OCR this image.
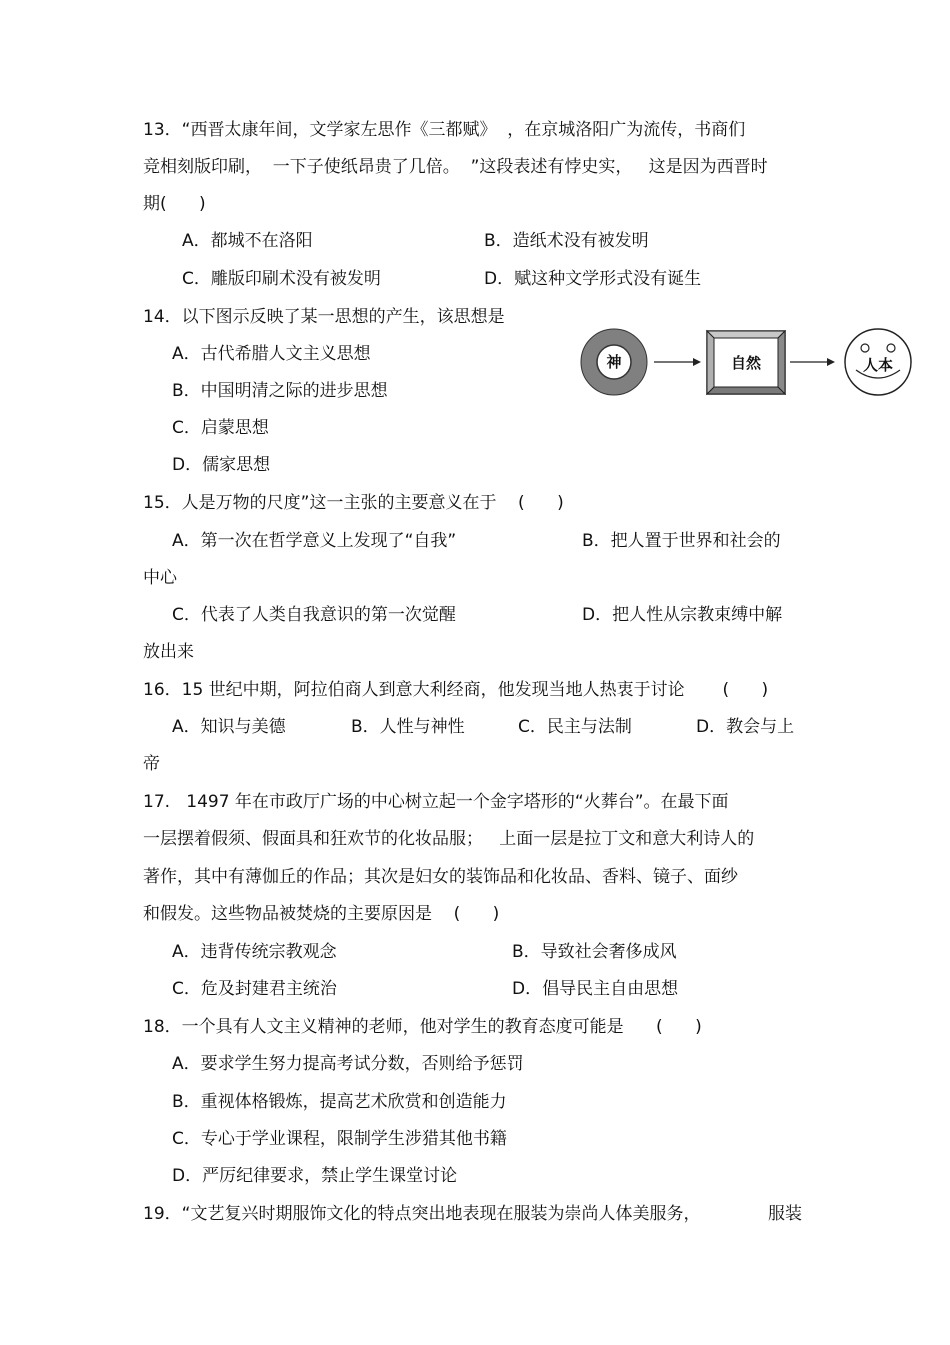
13．“西晋太康年间，文学家左思作《三都赋》  ，在京城洛阳广为流传，书商们
竞相刻版印刷，  一下子使纸昂贵了几倍。  ”这段表述有悖史实，   这是因为西晋时
期(      )
A．都城不在洛阳	B．造纸术没有被发明
C．雕版印刷术没有被发明	D．赋这种文学形式没有诞生
14．以下图示反映了某一思想的产生，该思想是
A．古代希腊人文主义思想
B．中国明清之际的进步思想
C．启蒙思想
D．儒家思想
神	自然	人本
15．人是万物的尺度”这一主张的主要意义在于    (      )
A．第一次在哲学意义上发现了“自我”	B．把人置于世界和社会的
中心
C．代表了人类自我意识的第一次觉醒	D．把人性从宗教束缚中解
放出来
16．15 世纪中期，阿拉伯商人到意大利经商，他发现当地人热衷于讨论       (      )
A．知识与美德	B．人性与神性	C．民主与法制	D．教会与上
帝
17.   1497 年在市政厅广场的中心树立起一个金字塔形的“火葬台”。在最下面
一层摆着假须、假面具和狂欢节的化妆品服；   上面一层是拉丁文和意大利诗人的
著作，其中有薄伽丘的作品；其次是妇女的装饰品和化妆品、香料、镜子、面纱
和假发。这些物品被焚烧的主要原因是    (      )
A．违背传统宗教观念	B．导致社会奢侈成风
C．危及封建君主统治	D．倡导民主自由思想
18．一个具有人文主义精神的老师，他对学生的教育态度可能是      (      )
A．要求学生努力提高考试分数，否则给予惩罚
B．重视体格锻炼，提高艺术欣赏和创造能力
C．专心于学业课程，限制学生涉猎其他书籍
D．严厉纪律要求，禁止学生课堂讨论
19．“文艺复兴时期服饰文化的特点突出地表现在服装为崇尚人体美服务，	服装
